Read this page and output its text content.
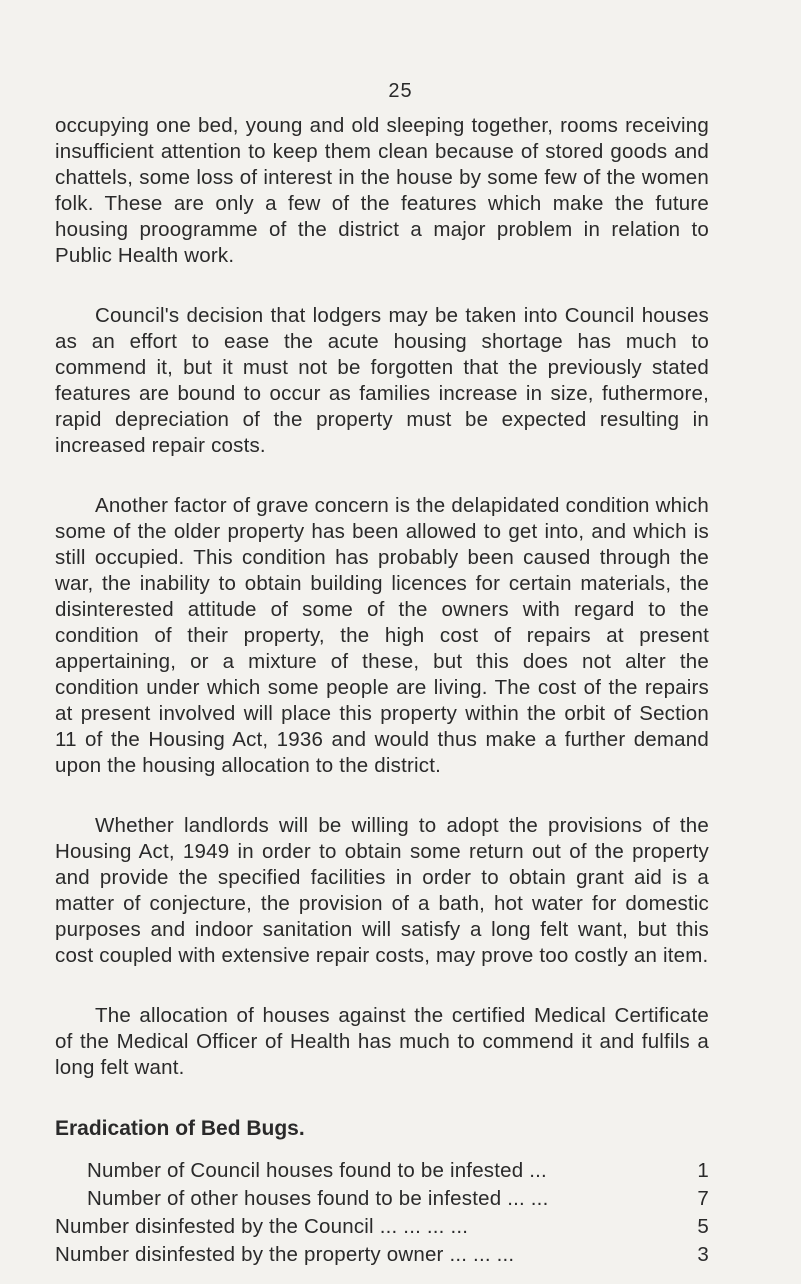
25

occupying one bed, young and old sleeping together, rooms receiving insufficient attention to keep them clean because of stored goods and chattels, some loss of interest in the house by some few of the women folk. These are only a few of the features which make the future housing proogramme of the district a major problem in relation to Public Health work.

Council's decision that lodgers may be taken into Council houses as an effort to ease the acute housing shortage has much to commend it, but it must not be forgotten that the previously stated features are bound to occur as families increase in size, futhermore, rapid depreciation of the property must be expected resulting in increased repair costs.

Another factor of grave concern is the delapidated condition which some of the older property has been allowed to get into, and which is still occupied. This condition has probably been caused through the war, the inability to obtain building licences for certain materials, the disinterested attitude of some of the owners with regard to the condition of their property, the high cost of repairs at present appertaining, or a mixture of these, but this does not alter the condition under which some people are living. The cost of the repairs at present involved will place this property within the orbit of Section 11 of the Housing Act, 1936 and would thus make a further demand upon the housing allocation to the district.

Whether landlords will be willing to adopt the provisions of the Housing Act, 1949 in order to obtain some return out of the property and provide the specified facilities in order to obtain grant aid is a matter of conjecture, the provision of a bath, hot water for domestic purposes and indoor sanitation will satisfy a long felt want, but this cost coupled with extensive repair costs, may prove too costly an item.

The allocation of houses against the certified Medical Certificate of the Medical Officer of Health has much to commend it and fulfils a long felt want.

Eradication of Bed Bugs.
Number of Council houses found to be infested ...	1
Number of other houses found to be infested ... ...	7
Number disinfested by the Council ... ... ... ...	5
Number disinfested by the property owner ... ... ...	3
